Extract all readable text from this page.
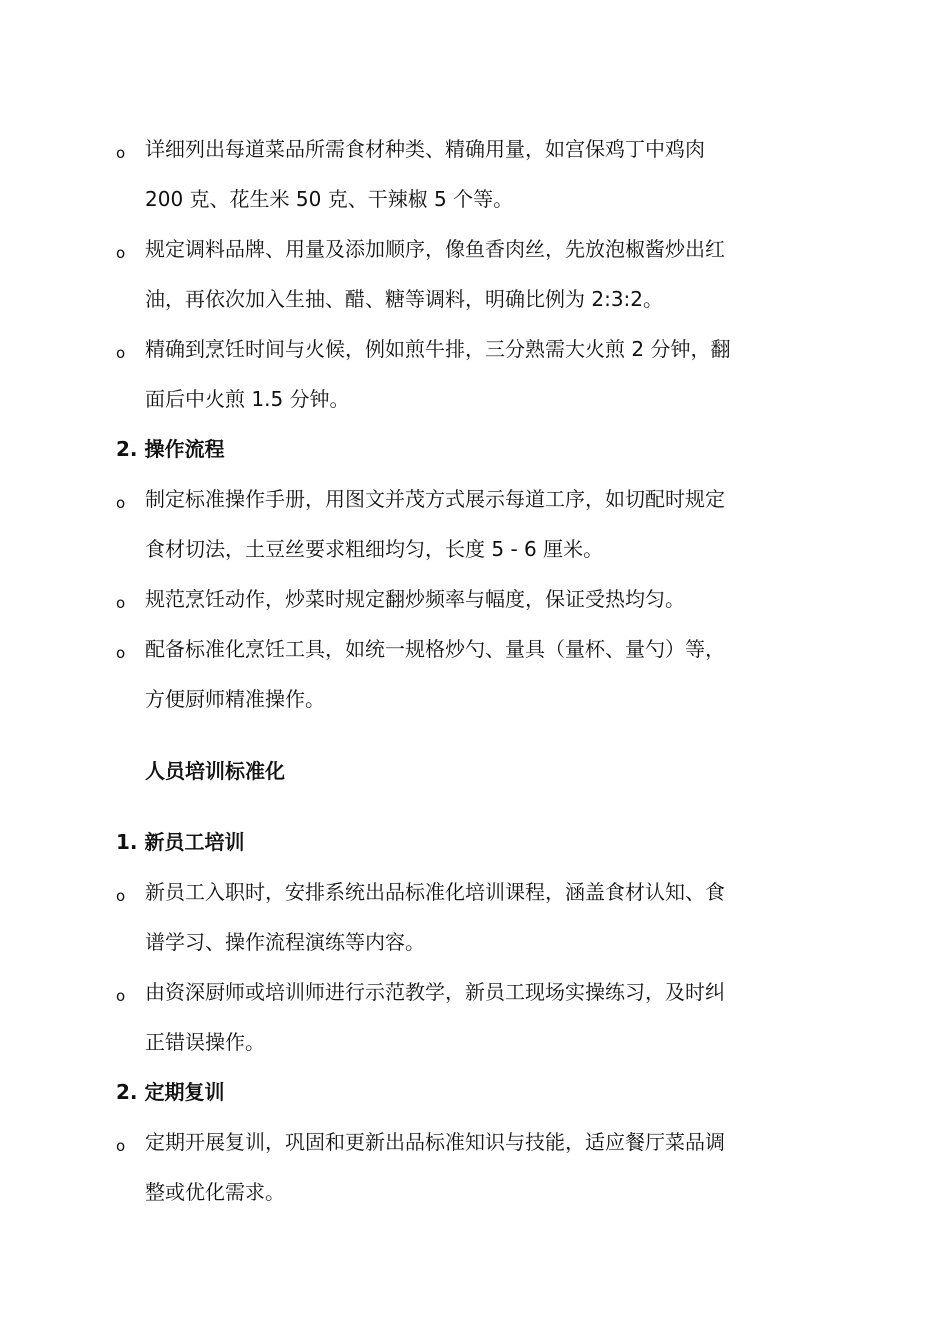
o 详细列出每道菜品所需食材种类、精确用量，如宫保鸡丁中鸡肉
200 克、花生米 50 克、干辣椒 5 个等。
o 规定调料品牌、用量及添加顺序，像鱼香肉丝，先放泡椒酱炒出红
油，再依次加入生抽、醋、糖等调料，明确比例为 2:3:2。
o 精确到烹饪时间与火候，例如煎牛排，三分熟需大火煎 2 分钟，翻
面后中火煎 1.5 分钟。
2. 操作流程
o 制定标准操作手册，用图文并茂方式展示每道工序，如切配时规定
食材切法，土豆丝要求粗细均匀，长度 5 - 6 厘米。
o 规范烹饪动作，炒菜时规定翻炒频率与幅度，保证受热均匀。
o 配备标准化烹饪工具，如统一规格炒勺、量具（量杯、量勺）等，
方便厨师精准操作。
人员培训标准化
1. 新员工培训
o 新员工入职时，安排系统出品标准化培训课程，涵盖食材认知、食
谱学习、操作流程演练等内容。
o 由资深厨师或培训师进行示范教学，新员工现场实操练习，及时纠
正错误操作。
2. 定期复训
o 定期开展复训，巩固和更新出品标准知识与技能，适应餐厅菜品调
整或优化需求。
